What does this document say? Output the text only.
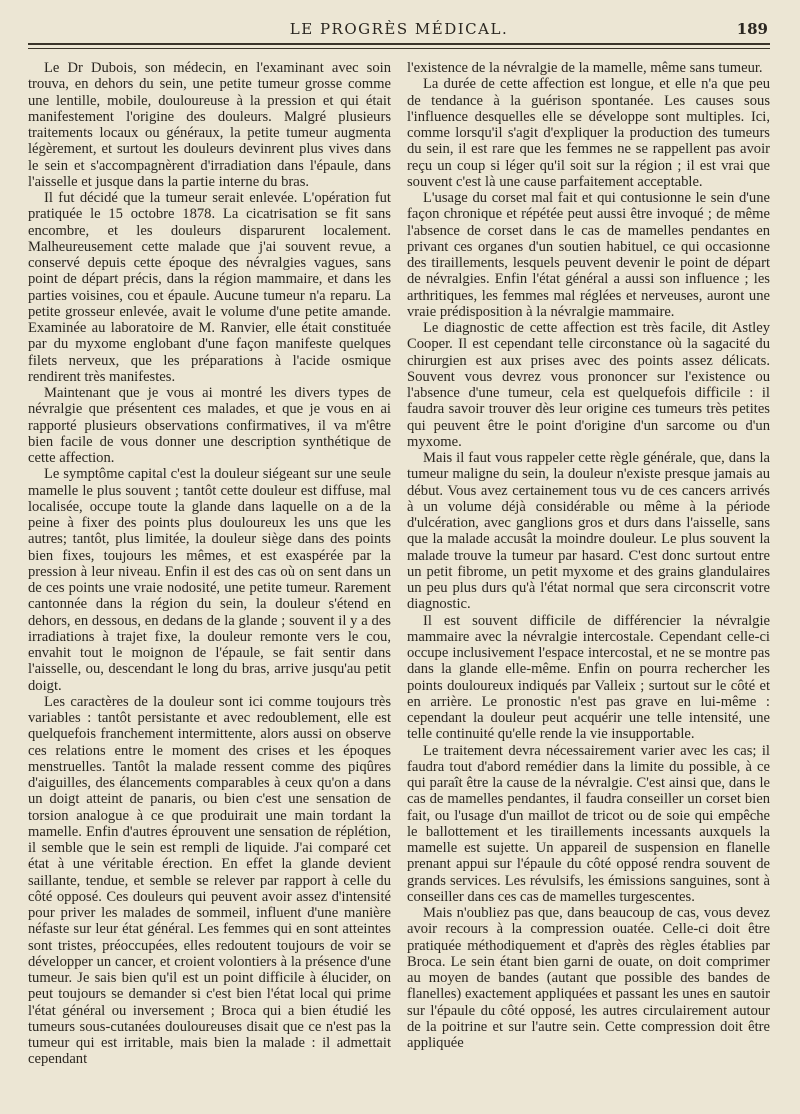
LE PROGRÈS MÉDICAL.	189

Le Dr Dubois, son médecin, en l'examinant avec soin trouva, en dehors du sein, une petite tumeur grosse comme une lentille, mobile, douloureuse à la pression et qui était manifestement l'origine des douleurs. Malgré plusieurs traitements locaux ou généraux, la petite tumeur augmenta légèrement, et surtout les douleurs devinrent plus vives dans le sein et s'accompagnèrent d'irradiation dans l'épaule, dans l'aisselle et jusque dans la partie interne du bras.

Il fut décidé que la tumeur serait enlevée. L'opération fut pratiquée le 15 octobre 1878. La cicatrisation se fit sans encombre, et les douleurs disparurent localement. Malheureusement cette malade que j'ai souvent revue, a conservé depuis cette époque des névralgies vagues, sans point de départ précis, dans la région mammaire, et dans les parties voisines, cou et épaule. Aucune tumeur n'a reparu. La petite grosseur enlevée, avait le volume d'une petite amande. Examinée au laboratoire de M. Ranvier, elle était constituée par du myxome englobant d'une façon manifeste quelques filets nerveux, que les préparations à l'acide osmique rendirent très manifestes.

Maintenant que je vous ai montré les divers types de névralgie que présentent ces malades, et que je vous en ai rapporté plusieurs observations confirmatives, il va m'être bien facile de vous donner une description synthétique de cette affection.

Le symptôme capital c'est la douleur siégeant sur une seule mamelle le plus souvent ; tantôt cette douleur est diffuse, mal localisée, occupe toute la glande dans laquelle on a de la peine à fixer des points plus douloureux les uns que les autres; tantôt, plus limitée, la douleur siège dans des points bien fixes, toujours les mêmes, et est exaspérée par la pression à leur niveau. Enfin il est des cas où on sent dans un de ces points une vraie nodosité, une petite tumeur. Rarement cantonnée dans la région du sein, la douleur s'étend en dehors, en dessous, en dedans de la glande ; souvent il y a des irradiations à trajet fixe, la douleur remonte vers le cou, envahit tout le moignon de l'épaule, se fait sentir dans l'aisselle, ou, descendant le long du bras, arrive jusqu'au petit doigt.

Les caractères de la douleur sont ici comme toujours très variables : tantôt persistante et avec redoublement, elle est quelquefois franchement intermittente, alors aussi on observe ces relations entre le moment des crises et les époques menstruelles. Tantôt la malade ressent comme des piqûres d'aiguilles, des élancements comparables à ceux qu'on a dans un doigt atteint de panaris, ou bien c'est une sensation de torsion analogue à ce que produirait une main tordant la mamelle. Enfin d'autres éprouvent une sensation de réplétion, il semble que le sein est rempli de liquide. J'ai comparé cet état à une véritable érection. En effet la glande devient saillante, tendue, et semble se relever par rapport à celle du côté opposé. Ces douleurs qui peuvent avoir assez d'intensité pour priver les malades de sommeil, influent d'une manière néfaste sur leur état général. Les femmes qui en sont atteintes sont tristes, préoccupées, elles redoutent toujours de voir se développer un cancer, et croient volontiers à la présence d'une tumeur. Je sais bien qu'il est un point difficile à élucider, on peut toujours se demander si c'est bien l'état local qui prime l'état général ou inversement ; Broca qui a bien étudié les tumeurs sous-cutanées douloureuses disait que ce n'est pas la tumeur qui est irritable, mais bien la malade : il admettait cependant

l'existence de la névralgie de la mamelle, même sans tumeur.

La durée de cette affection est longue, et elle n'a que peu de tendance à la guérison spontanée. Les causes sous l'influence desquelles elle se développe sont multiples. Ici, comme lorsqu'il s'agit d'expliquer la production des tumeurs du sein, il est rare que les femmes ne se rappellent pas avoir reçu un coup si léger qu'il soit sur la région ; il est vrai que souvent c'est là une cause parfaitement acceptable.

L'usage du corset mal fait et qui contusionne le sein d'une façon chronique et répétée peut aussi être invoqué ; de même l'absence de corset dans le cas de mamelles pendantes en privant ces organes d'un soutien habituel, ce qui occasionne des tiraillements, lesquels peuvent devenir le point de départ de névralgies. Enfin l'état général a aussi son influence ; les arthritiques, les femmes mal réglées et nerveuses, auront une vraie prédisposition à la névralgie mammaire.

Le diagnostic de cette affection est très facile, dit Astley Cooper. Il est cependant telle circonstance où la sagacité du chirurgien est aux prises avec des points assez délicats. Souvent vous devrez vous prononcer sur l'existence ou l'absence d'une tumeur, cela est quelquefois difficile : il faudra savoir trouver dès leur origine ces tumeurs très petites qui peuvent être le point d'origine d'un sarcome ou d'un myxome.

Mais il faut vous rappeler cette règle générale, que, dans la tumeur maligne du sein, la douleur n'existe presque jamais au début. Vous avez certainement tous vu de ces cancers arrivés à un volume déjà considérable ou même à la période d'ulcération, avec ganglions gros et durs dans l'aisselle, sans que la malade accusât la moindre douleur. Le plus souvent la malade trouve la tumeur par hasard. C'est donc surtout entre un petit fibrome, un petit myxome et des grains glandulaires un peu plus durs qu'à l'état normal que sera circonscrit votre diagnostic.

Il est souvent difficile de différencier la névralgie mammaire avec la névralgie intercostale. Cependant celle-ci occupe inclusivement l'espace intercostal, et ne se montre pas dans la glande elle-même. Enfin on pourra rechercher les points douloureux indiqués par Valleix ; surtout sur le côté et en arrière. Le pronostic n'est pas grave en lui-même : cependant la douleur peut acquérir une telle intensité, une telle continuité qu'elle rende la vie insupportable.

Le traitement devra nécessairement varier avec les cas; il faudra tout d'abord remédier dans la limite du possible, à ce qui paraît être la cause de la névralgie. C'est ainsi que, dans le cas de mamelles pendantes, il faudra conseiller un corset bien fait, ou l'usage d'un maillot de tricot ou de soie qui empêche le ballottement et les tiraillements incessants auxquels la mamelle est sujette. Un appareil de suspension en flanelle prenant appui sur l'épaule du côté opposé rendra souvent de grands services. Les révulsifs, les émissions sanguines, sont à conseiller dans ces cas de mamelles turgescentes.

Mais n'oubliez pas que, dans beaucoup de cas, vous devez avoir recours à la compression ouatée. Celle-ci doit être pratiquée méthodiquement et d'après des règles établies par Broca. Le sein étant bien garni de ouate, on doit comprimer au moyen de bandes (autant que possible des bandes de flanelles) exactement appliquées et passant les unes en sautoir sur l'épaule du côté opposé, les autres circulairement autour de la poitrine et sur l'autre sein. Cette compression doit être appliquée
